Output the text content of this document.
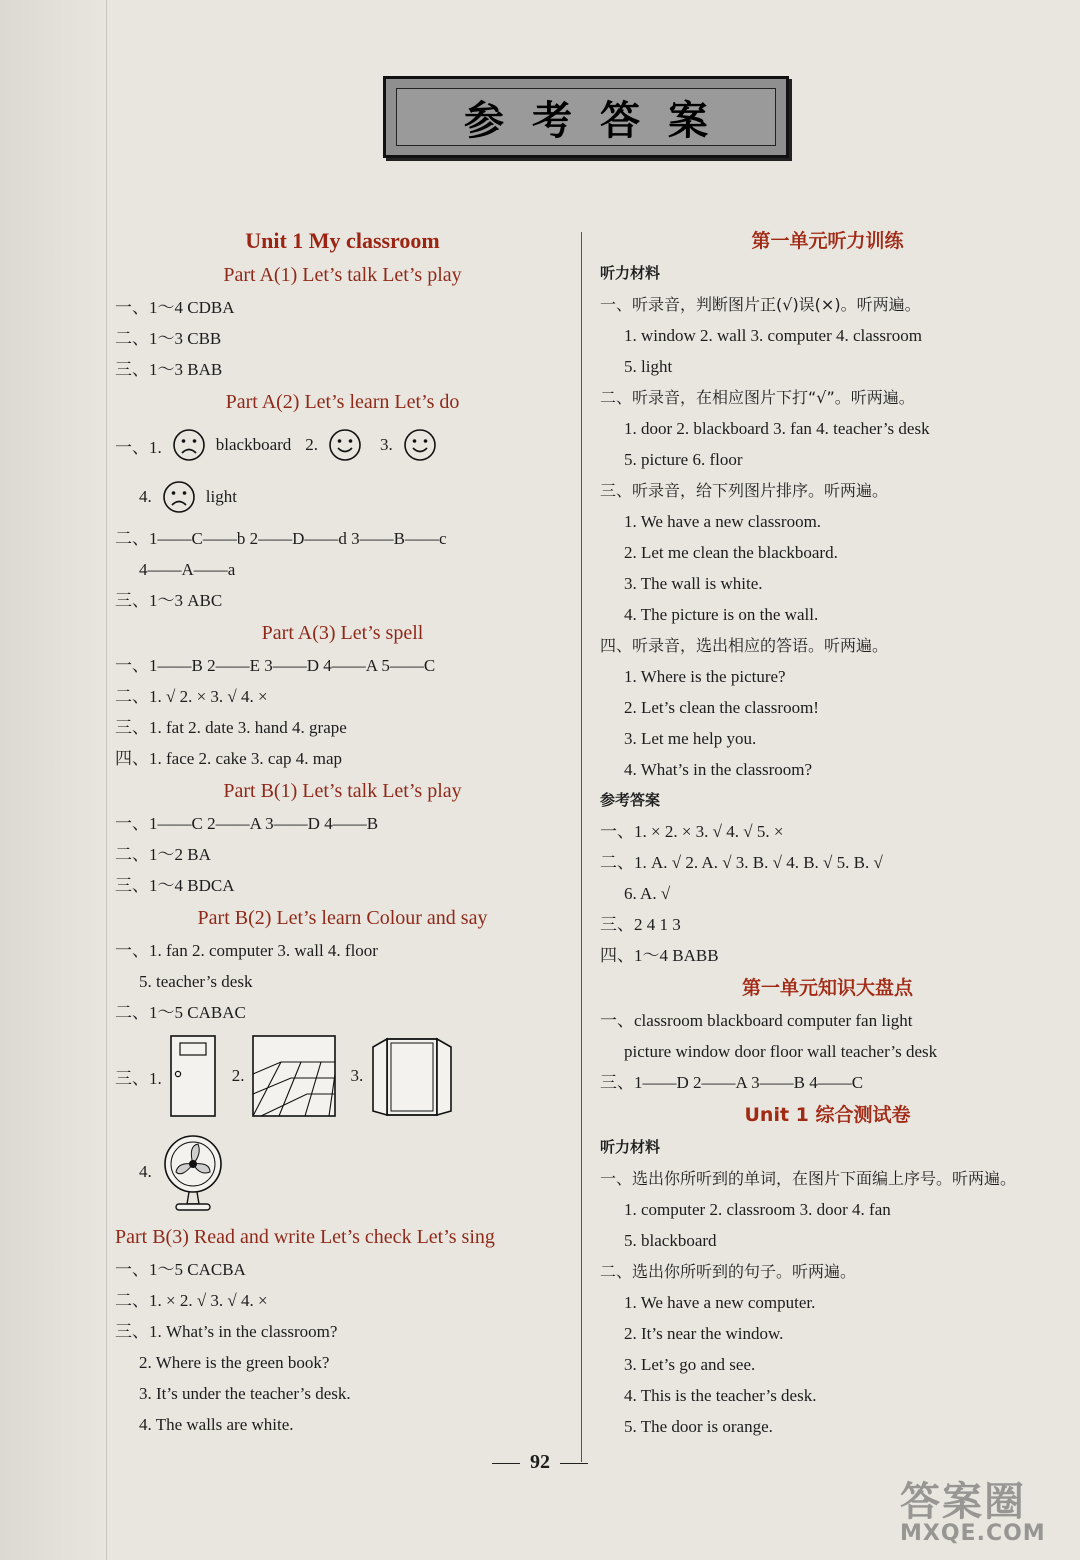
参考答案
Unit 1 My classroom
Part A(1) Let’s talk Let’s play
一、1～4 CDBA
二、1～3 CBB
三、1～3 BAB
Part A(2) Let’s learn Let’s do
一、1.	blackboard 2.	3.
4.	light
二、1——C——b 2——D——d 3——B——c
4——A——a
三、1～3 ABC
Part A(3) Let’s spell
一、1——B 2——E 3——D 4——A 5——C
二、1. √ 2. × 3. √ 4. ×
三、1. fat 2. date 3. hand 4. grape
四、1. face 2. cake 3. cap 4. map
Part B(1) Let’s talk Let’s play
一、1——C 2——A 3——D 4——B
二、1～2 BA
三、1～4 BDCA
Part B(2) Let’s learn Colour and say
一、1. fan 2. computer 3. wall 4. floor
5. teacher’s desk
二、1～5 CABAC
三、1.	2.	3.
4.
Part B(3) Read and write Let’s check Let’s sing
一、1～5 CACBA
二、1. × 2. √ 3. √ 4. ×
三、1. What’s in the classroom?
2. Where is the green book?
3. It’s under the teacher’s desk.
4. The walls are white.
第一单元听力训练
听力材料
一、听录音，判断图片正(√)误(×)。听两遍。
1. window 2. wall 3. computer 4. classroom
5. light
二、听录音，在相应图片下打“√”。听两遍。
1. door 2. blackboard 3. fan 4. teacher’s desk
5. picture 6. floor
三、听录音，给下列图片排序。听两遍。
1. We have a new classroom.
2. Let me clean the blackboard.
3. The wall is white.
4. The picture is on the wall.
四、听录音，选出相应的答语。听两遍。
1. Where is the picture?
2. Let’s clean the classroom!
3. Let me help you.
4. What’s in the classroom?
参考答案
一、1. × 2. × 3. √ 4. √ 5. ×
二、1. A. √ 2. A. √ 3. B. √ 4. B. √ 5. B. √
6. A. √
三、2 4 1 3
四、1～4 BABB
第一单元知识大盘点
一、classroom blackboard computer fan light
picture window door floor wall teacher’s desk
三、1——D 2——A 3——B 4——C
Unit 1 综合测试卷
听力材料
一、选出你所听到的单词，在图片下面编上序号。听两遍。
1. computer 2. classroom 3. door 4. fan
5. blackboard
二、选出你所听到的句子。听两遍。
1. We have a new computer.
2. It’s near the window.
3. Let’s go and see.
4. This is the teacher’s desk.
5. The door is orange.
92
答案圈
MXQE.COM
